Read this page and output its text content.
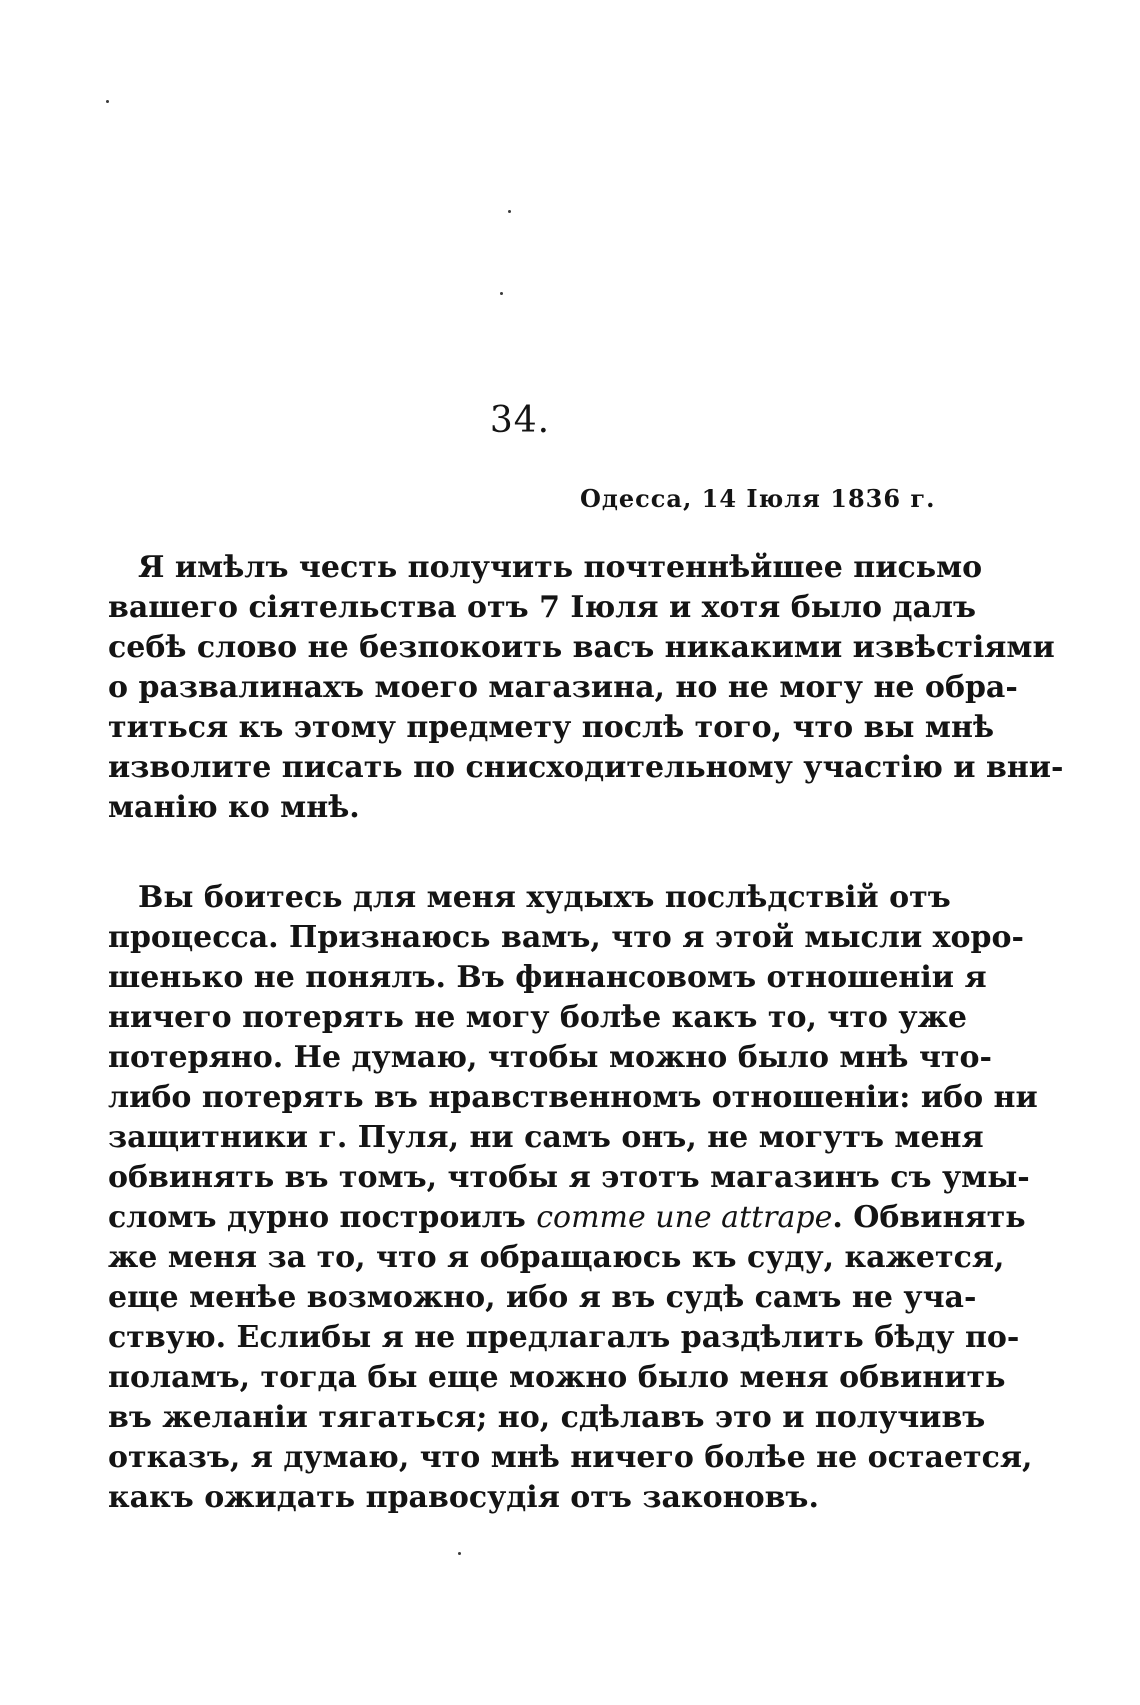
34.
Одесса, 14 Іюля 1836 г.

Я имѣлъ честь получить почтеннѣйшее письмо
вашего сіятельства отъ 7 Іюля и хотя было далъ
себѣ слово не безпокоить васъ никакими извѣстіями
о развалинахъ моего магазина, но не могу не обра-
титься къ этому предмету послѣ того, что вы мнѣ
изволите писать по снисходительному участію и вни-
манію ко мнѣ.

Вы боитесь для меня худыхъ послѣдствій отъ
процесса. Признаюсь вамъ, что я этой мысли хоро-
шенько не понялъ. Въ финансовомъ отношеніи я
ничего потерять не могу болѣе какъ то, что уже
потеряно. Не думаю, чтобы можно было мнѣ что-
либо потерять въ нравственномъ отношеніи: ибо ни
защитники г. Пуля, ни самъ онъ, не могутъ меня
обвинять въ томъ, чтобы я этотъ магазинъ съ умы-
сломъ дурно построилъ comme une attrape. Обвинять
же меня за то, что я обращаюсь къ суду, кажется,
еще менѣе возможно, ибо я въ судѣ самъ не уча-
ствую. Еслибы я не предлагалъ раздѣлить бѣду по-
поламъ, тогда бы еще можно было меня обвинить
въ желаніи тягаться; но, сдѣлавъ это и получивъ
отказъ, я думаю, что мнѣ ничего болѣе не остается,
какъ ожидать правосудія отъ законовъ.
